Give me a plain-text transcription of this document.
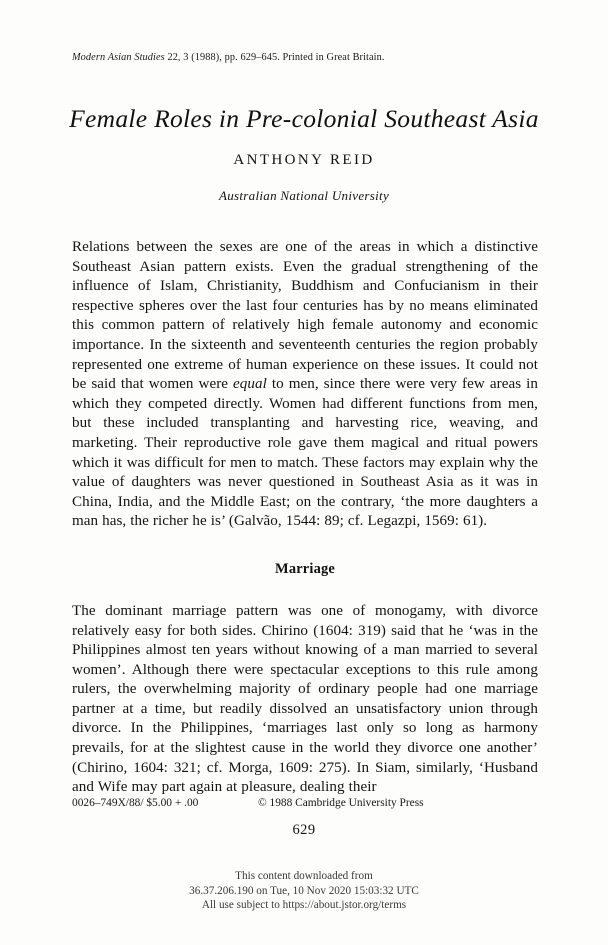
Modern Asian Studies 22, 3 (1988), pp. 629–645. Printed in Great Britain.
Female Roles in Pre-colonial Southeast Asia
ANTHONY REID
Australian National University

Relations between the sexes are one of the areas in which a distinctive Southeast Asian pattern exists. Even the gradual strengthening of the influence of Islam, Christianity, Buddhism and Confucianism in their respective spheres over the last four centuries has by no means eliminated this common pattern of relatively high female autonomy and economic importance. In the sixteenth and seventeenth centuries the region probably represented one extreme of human experience on these issues. It could not be said that women were equal to men, since there were very few areas in which they competed directly. Women had different functions from men, but these included transplanting and harvesting rice, weaving, and marketing. Their reproductive role gave them magical and ritual powers which it was difficult for men to match. These factors may explain why the value of daughters was never questioned in Southeast Asia as it was in China, India, and the Middle East; on the contrary, ‘the more daughters a man has, the richer he is’ (Galvão, 1544: 89; cf. Legazpi, 1569: 61).

Marriage

The dominant marriage pattern was one of monogamy, with divorce relatively easy for both sides. Chirino (1604: 319) said that he ‘was in the Philippines almost ten years without knowing of a man married to several women’. Although there were spectacular exceptions to this rule among rulers, the overwhelming majority of ordinary people had one marriage partner at a time, but readily dissolved an unsatisfactory union through divorce. In the Philippines, ‘marriages last only so long as harmony prevails, for at the slightest cause in the world they divorce one another’ (Chirino, 1604: 321; cf. Morga, 1609: 275). In Siam, similarly, ‘Husband and Wife may part again at pleasure, dealing their

0026–749X/88/ $5.00 + .00	© 1988 Cambridge University Press
629
This content downloaded from
36.37.206.190 on Tue, 10 Nov 2020 15:03:32 UTC
All use subject to https://about.jstor.org/terms
